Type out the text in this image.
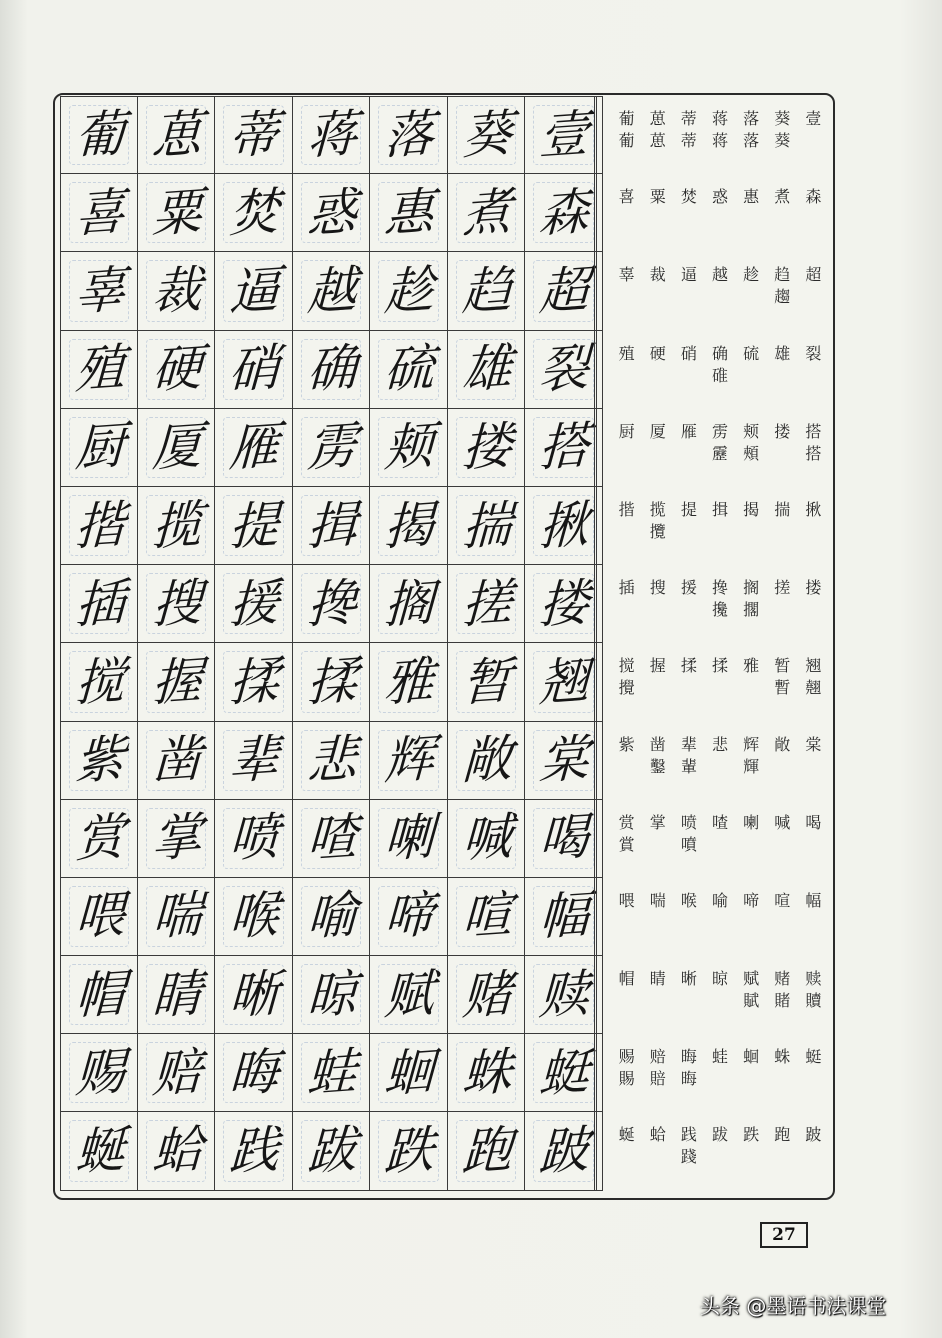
葡 葸 蒂 蒋 落 葵 壹
喜 粟 焚 惑 惠 煮 森
辜 裁 逼 越 趁 趋 超
殖 硬 硝 确 硫 雄 裂
厨 厦 雁 雳 颊 搂 搭
揩 揽 提 揖 揭 揣 揪
插 搜 援 搀 搁 搓 搂
搅 握 揉 揉 雅 暂 翘
紫 凿 辈 悲 辉 敞 棠
赏 掌 喷 喳 喇 喊 喝
喂 喘 喉 喻 啼 喧 幅
帽 睛 晰 晾 赋 赌 赎
赐 赔 晦 蛙 蛔 蛛 蜓
蜒 蛤 践 跋 跌 跑 跛
葡
葡
葸
葸
蒂
蒂
蒋
蒋
落
落
葵
葵
壹
喜 粟 焚 惑 惠 煮 森
辜 裁 逼 越 趁 趋
趨
超
殖 硬 硝 确
碓
硫 雄 裂
厨 厦 雁 雳
靂
颊
頰
搂 搭
搭
揩 揽
攬
提 揖 揭 揣 揪
插 搜 援 搀
攙
搁
擱
搓 搂
搅
攪
握 揉 揉 雅 暂
暫
翘
翹
紫 凿
鑿
辈
輩
悲 辉
輝
敞 棠
赏
賞
掌 喷
噴
喳 喇 喊 喝
喂 喘 喉 喻 啼 喧 幅
帽 睛 晰 晾 赋
賦
赌
賭
赎
贖
赐
賜
赔
賠
晦
晦
蛙 蛔 蛛 蜓
蜒 蛤 践
踐
跋 跌 跑 跛
27
头条 @墨语书法课堂
